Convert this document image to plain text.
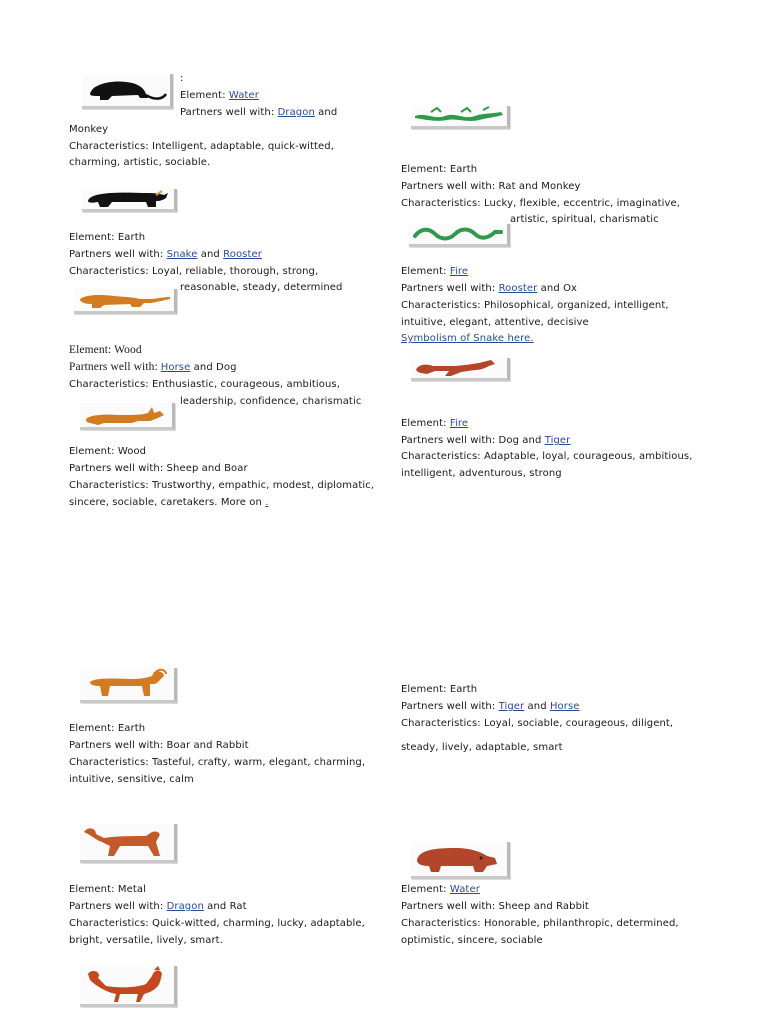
:
Element: Water
Partners well with: Dragon and
Monkey
Characteristics: Intelligent, adaptable, quick-witted,
charming, artistic, sociable.
Element: Earth
Partners well with: Snake and Rooster
Characteristics: Loyal, reliable, thorough, strong,
reasonable, steady, determined
Element: Wood
Partners well with: Horse and Dog
Characteristics: Enthusiastic, courageous, ambitious,
leadership, confidence, charismatic
Element: Wood
Partners well with: Sheep and Boar
Characteristics: Trustworthy, empathic, modest, diplomatic,
sincere, sociable, caretakers. More on .
Element: Earth
Partners well with: Boar and Rabbit
Characteristics: Tasteful, crafty, warm, elegant, charming,
intuitive, sensitive, calm
Element: Metal
Partners well with: Dragon and Rat
Characteristics: Quick-witted, charming, lucky, adaptable,
bright, versatile, lively, smart.
Element: Earth
Partners well with: Rat and Monkey
Characteristics: Lucky, flexible, eccentric, imaginative,
artistic, spiritual, charismatic
Element: Fire
Partners well with: Rooster and Ox
Characteristics: Philosophical, organized, intelligent,
intuitive, elegant, attentive, decisive
Symbolism of Snake here.
Element: Fire
Partners well with: Dog and Tiger
Characteristics: Adaptable, loyal, courageous, ambitious,
intelligent, adventurous, strong
Element: Earth
Partners well with: Tiger and Horse
Characteristics: Loyal, sociable, courageous, diligent,
steady, lively, adaptable, smart
Element: Water
Partners well with: Sheep and Rabbit
Characteristics: Honorable, philanthropic, determined,
optimistic, sincere, sociable
